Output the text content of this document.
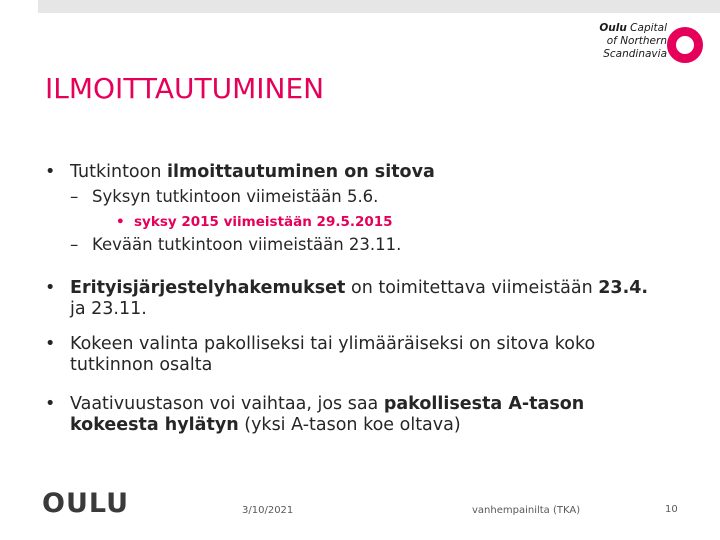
Oulu Capital
of Northern
Scandinavia
ILMOITTAUTUMINEN
• Tutkintoon ilmoittautuminen on sitova
– Syksyn tutkintoon viimeistään 5.6.
• syksy 2015 viimeistään 29.5.2015
– Kevään tutkintoon viimeistään 23.11.
• Erityisjärjestelyhakemukset on toimitettava viimeistään 23.4.
ja 23.11.
• Kokeen valinta pakolliseksi tai ylimääräiseksi on sitova koko
tutkinnon osalta
• Vaativuustason voi vaihtaa, jos saa pakollisesta A-tason
kokeesta hylätyn (yksi A-tason koe oltava)
OULU	3/10/2021	vanhempainilta (TKA)	10
